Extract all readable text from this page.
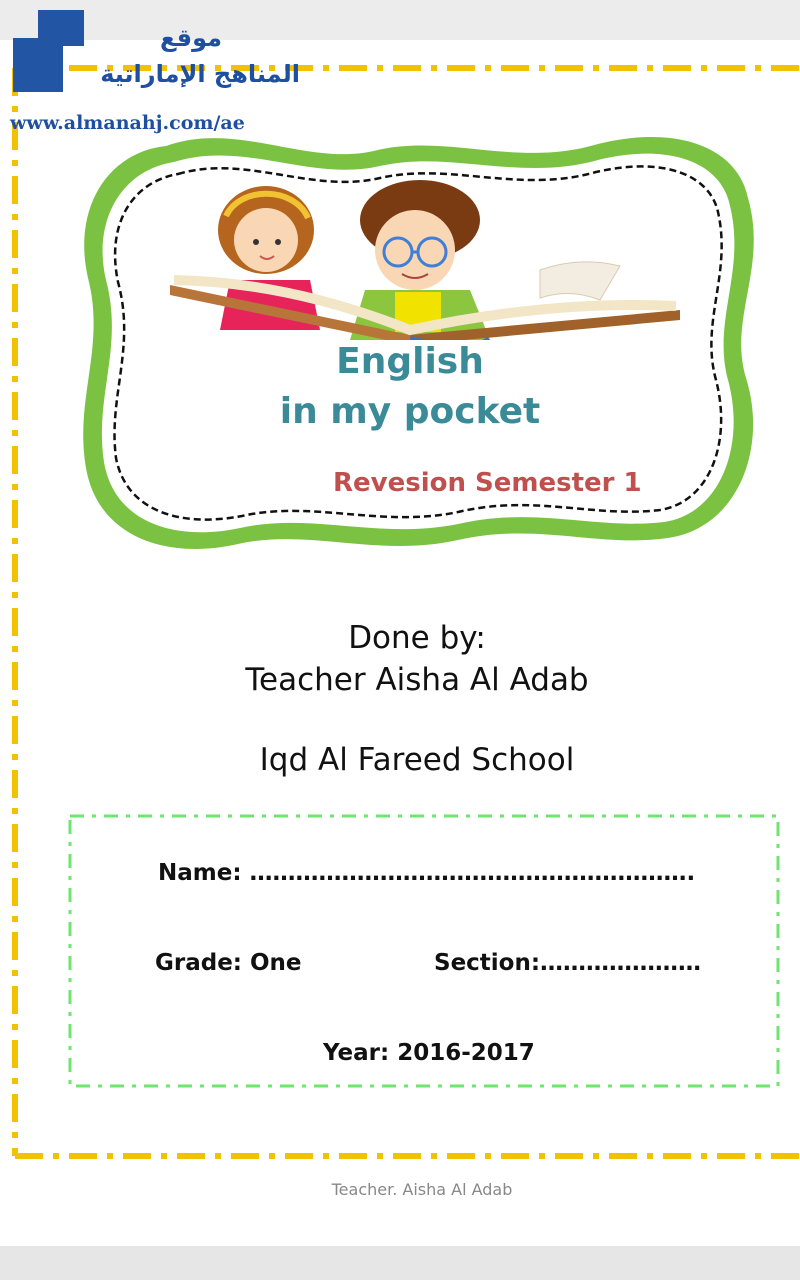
English
in my pocket
Revesion Semester 1
Done by:
Teacher Aisha Al Adab
Iqd Al Fareed School
Name: ………………………………………………….
Grade: One	Section:…………………
Year: 2016-2017
Teacher. Aisha Al Adab
موقع
المناهج الإماراتية
www.almanahj.com/ae
